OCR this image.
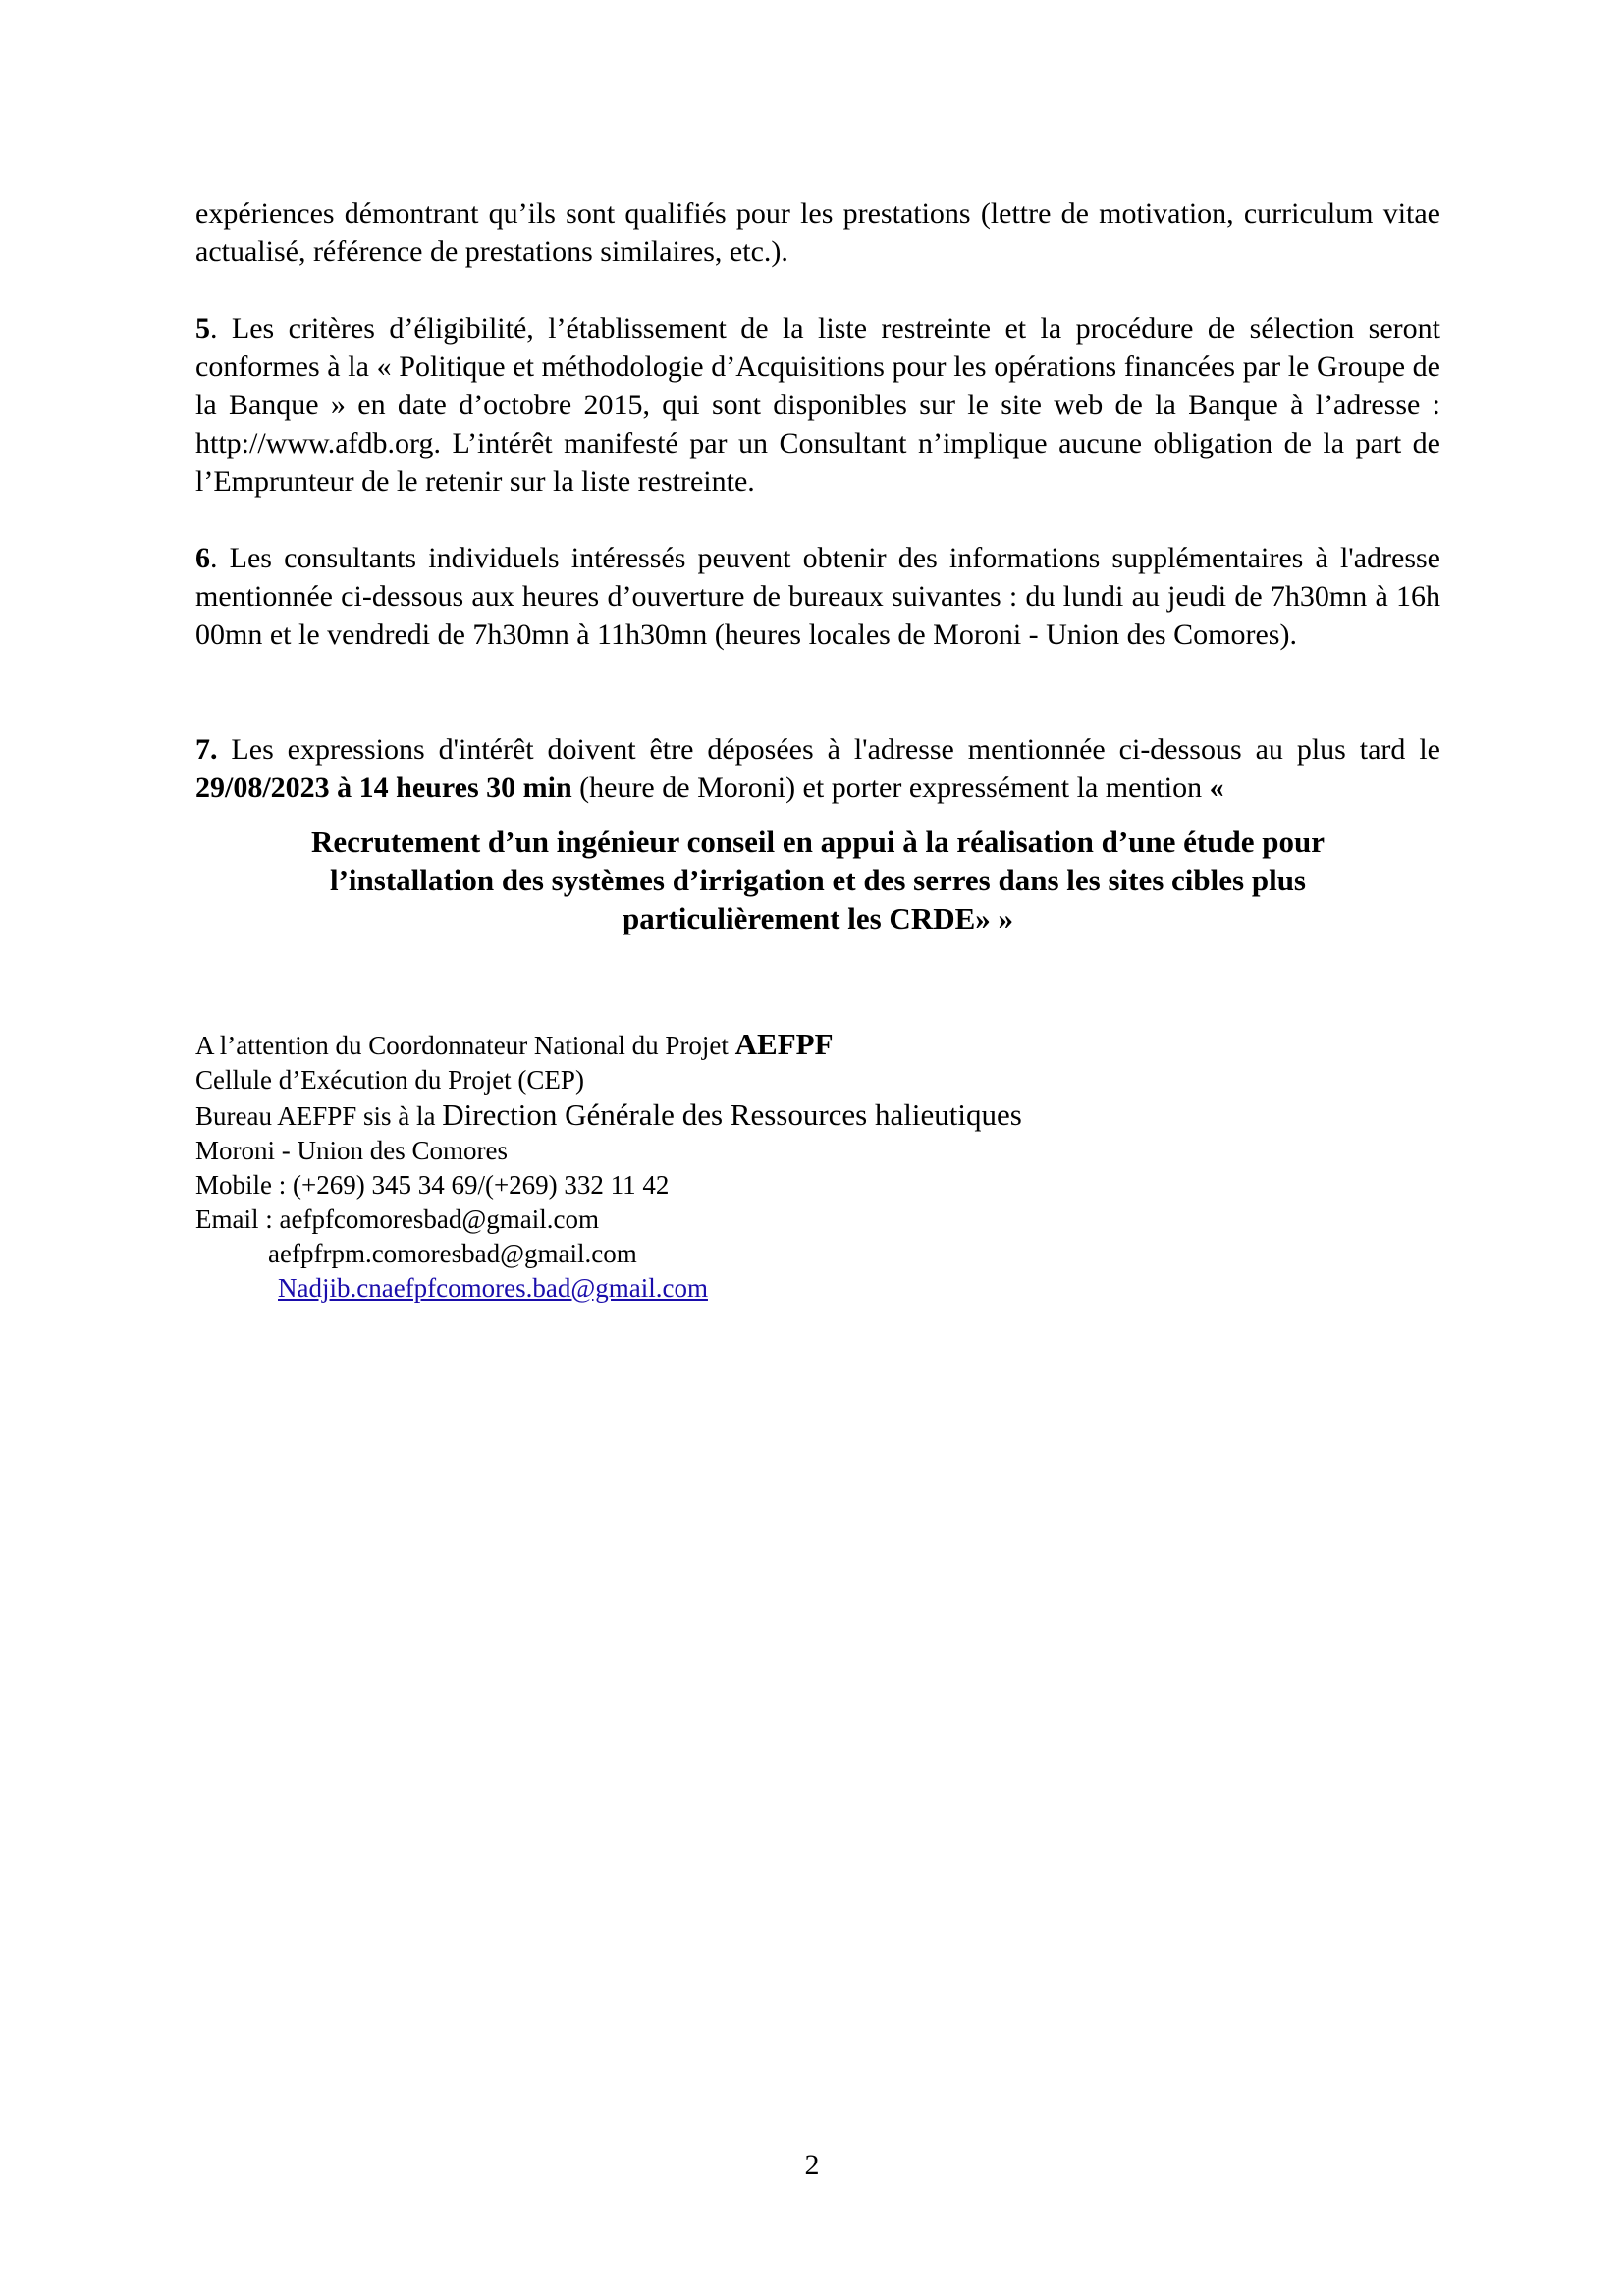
expériences démontrant qu’ils sont qualifiés pour les prestations (lettre de motivation, curriculum vitae actualisé, référence de prestations similaires, etc.).

5. Les critères d’éligibilité, l’établissement de la liste restreinte et la procédure de sélection seront conformes à la « Politique et méthodologie d’Acquisitions pour les opérations financées par le Groupe de la Banque » en date d’octobre 2015, qui sont disponibles sur le site web de la Banque à l’adresse : http://www.afdb.org. L’intérêt manifesté par un Consultant n’implique aucune obligation de la part de l’Emprunteur de le retenir sur la liste restreinte.

6. Les consultants individuels intéressés peuvent obtenir des informations supplémentaires à l'adresse mentionnée ci-dessous aux heures d’ouverture de bureaux suivantes : du lundi au jeudi de 7h30mn à 16h 00mn et le vendredi de 7h30mn à 11h30mn (heures locales de Moroni - Union des Comores).

7. Les expressions d'intérêt doivent être déposées à l'adresse mentionnée ci-dessous au plus tard le 29/08/2023 à 14 heures 30 min (heure de Moroni) et porter expressément la mention «

Recrutement d’un ingénieur conseil en appui à la réalisation d’une étude pour
l’installation des systèmes d’irrigation et des serres dans les sites cibles plus
particulièrement les CRDE» »

A l’attention du Coordonnateur National du Projet AEFPF
Cellule d’Exécution du Projet (CEP)
Bureau AEFPF sis à la Direction Générale des Ressources halieutiques
Moroni - Union des Comores
Mobile : (+269) 345 34 69/(+269) 332 11 42
Email : aefpfcomoresbad@gmail.com
aefpfrpm.comoresbad@gmail.com
Nadjib.cnaefpfcomores.bad@gmail.com

2
